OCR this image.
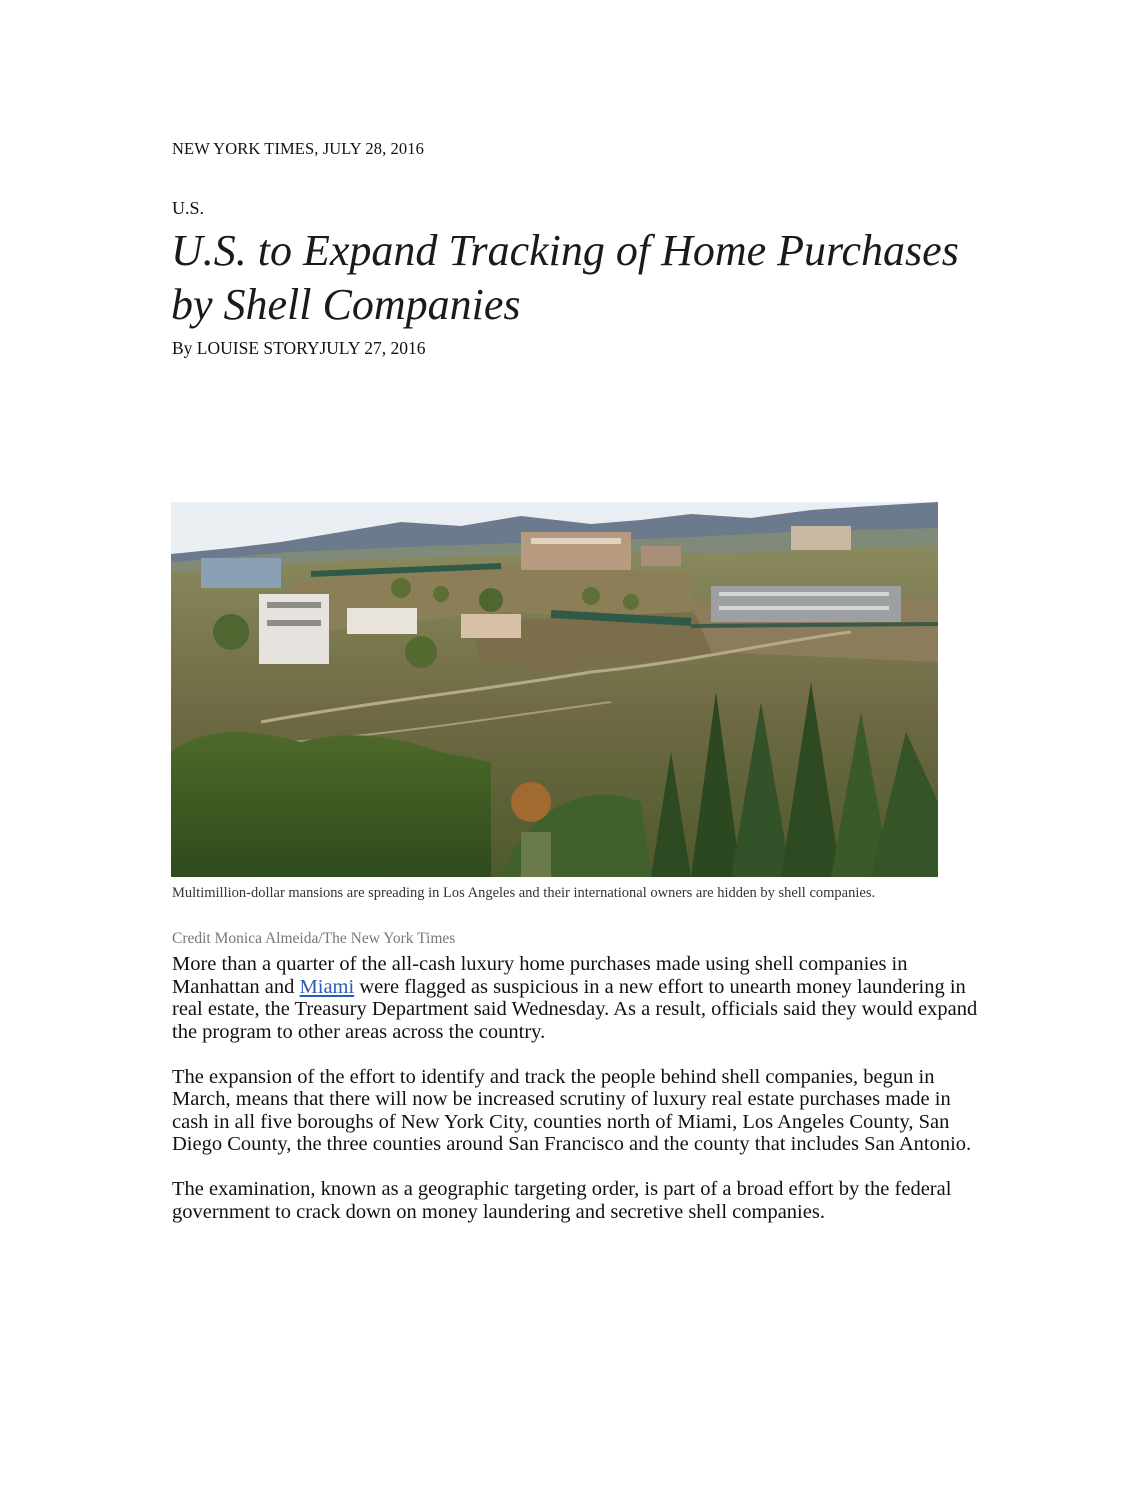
NEW YORK TIMES, JULY 28, 2016
U.S.
U.S. to Expand Tracking of Home Purchases by Shell Companies
By LOUISE STORYJULY 27, 2016
Multimillion-dollar mansions are spreading in Los Angeles and their international owners are hidden by shell companies.
Credit Monica Almeida/The New York Times

More than a quarter of the all-cash luxury home purchases made using shell companies in Manhattan and Miami were flagged as suspicious in a new effort to unearth money laundering in real estate, the Treasury Department said Wednesday. As a result, officials said they would expand the program to other areas across the country.

The expansion of the effort to identify and track the people behind shell companies, begun in March, means that there will now be increased scrutiny of luxury real estate purchases made in cash in all five boroughs of New York City, counties north of Miami, Los Angeles County, San Diego County, the three counties around San Francisco and the county that includes San Antonio.

The examination, known as a geographic targeting order, is part of a broad effort by the federal government to crack down on money laundering and secretive shell companies.
